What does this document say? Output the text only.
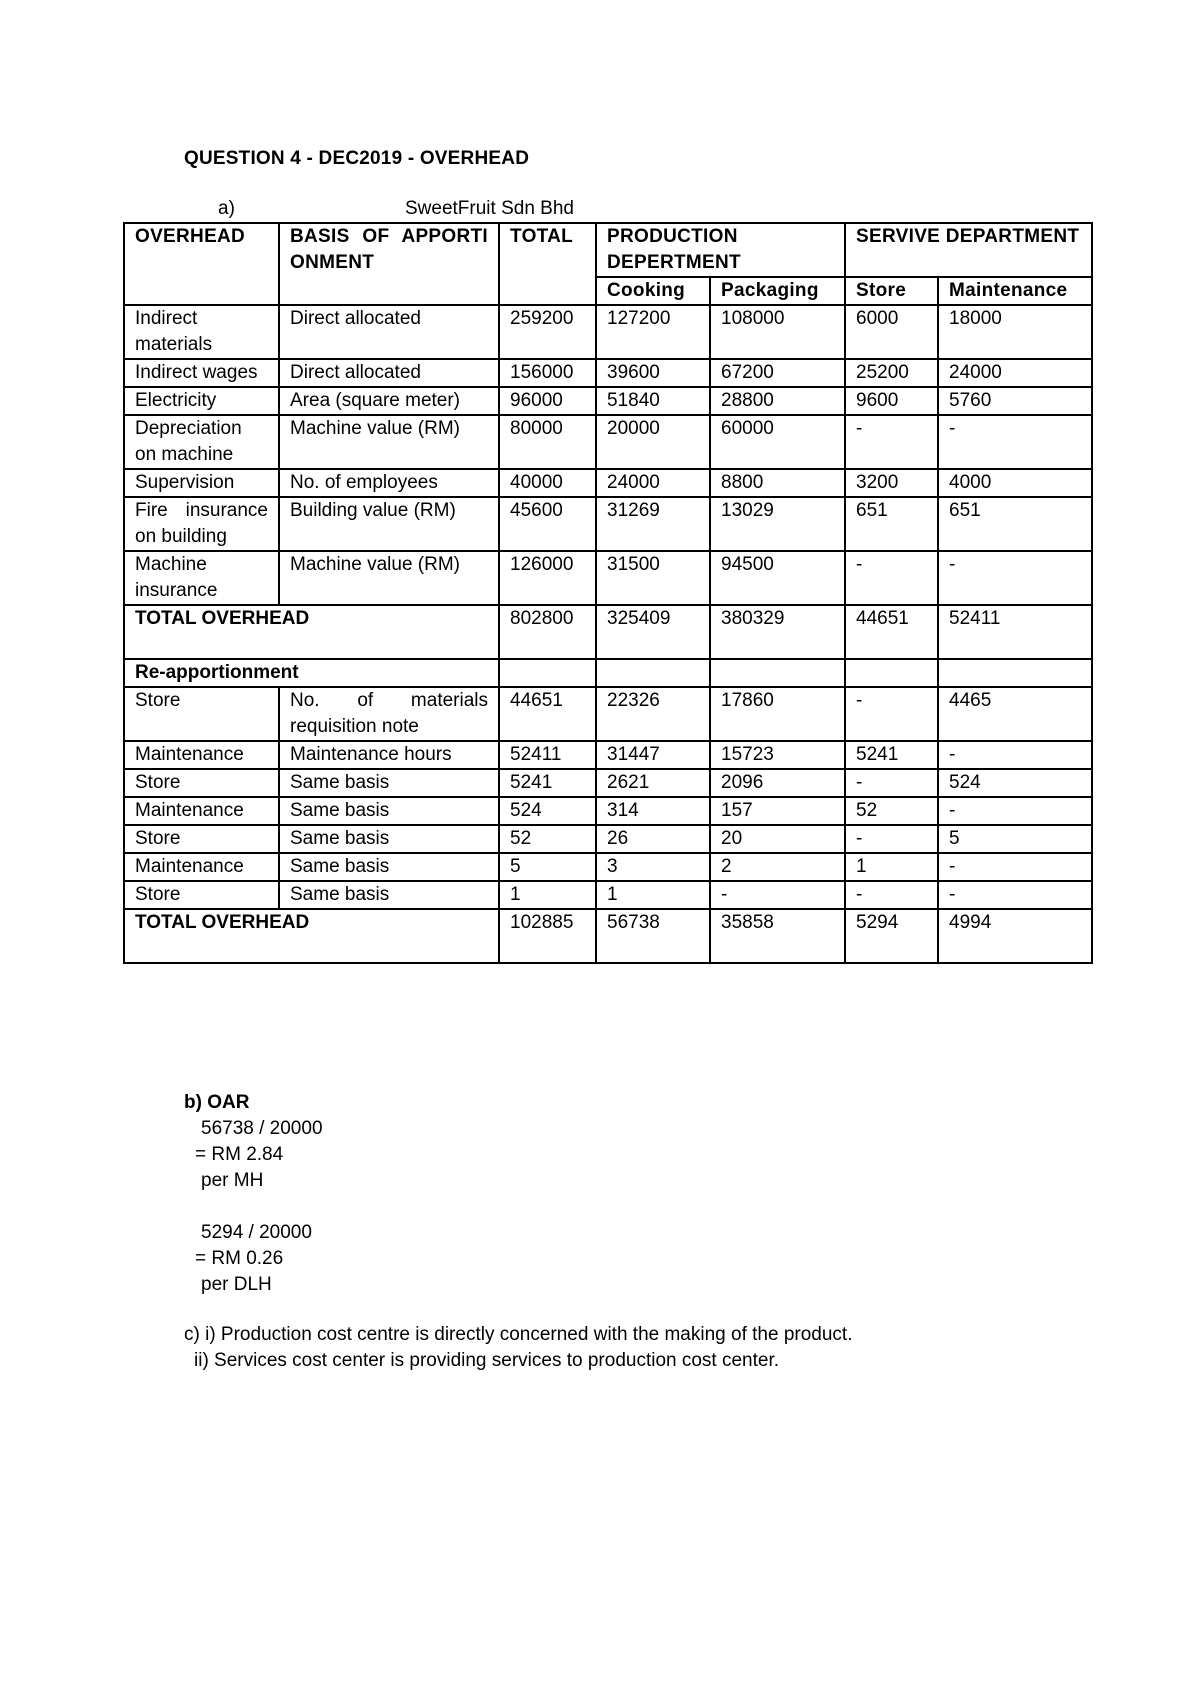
QUESTION 4 - DEC2019 - OVERHEAD
a)	SweetFruit Sdn Bhd
OVERHEAD	BASIS OF APPORTIONMENT	TOTAL	PRODUCTION DEPERTMENT		SERVIVE DEPARTMENT	
			Cooking	Packaging	Store	Maintenance
Indirect materials	Direct allocated	259200	127200	108000	6000	18000
Indirect wages	Direct allocated	156000	39600	67200	25200	24000
Electricity	Area (square meter)	96000	51840	28800	9600	5760
Depreciation on machine	Machine value (RM)	80000	20000	60000	-	-
Supervision	No. of employees	40000	24000	8800	3200	4000
Fire insurance on building	Building value (RM)	45600	31269	13029	651	651
Machine insurance	Machine value (RM)	126000	31500	94500	-	-
TOTAL OVERHEAD		802800	325409	380329	44651	52411
Re-apportionment						
Store	No. of materials requisition note	44651	22326	17860	-	4465
Maintenance	Maintenance hours	52411	31447	15723	5241	-
Store	Same basis	5241	2621	2096	-	524
Maintenance	Same basis	524	314	157	52	-
Store	Same basis	52	26	20	-	5
Maintenance	Same basis	5	3	2	1	-
Store	Same basis	1	1	-	-	-
TOTAL OVERHEAD		102885	56738	35858	5294	4994
b) OAR
56738 / 20000
= RM 2.84
per MH
5294 / 20000
= RM 0.26
per DLH
c) i) Production cost centre is directly concerned with the making of the product.
ii) Services cost center is providing services to production cost center.
